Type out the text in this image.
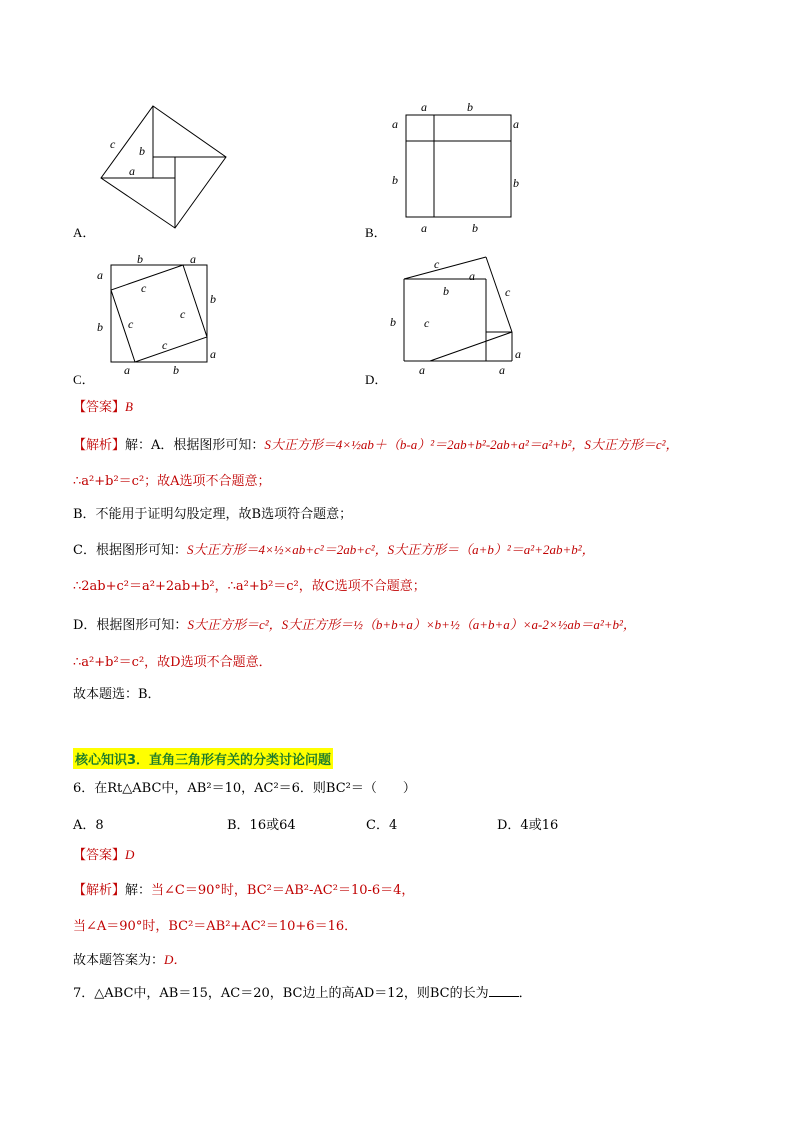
c b
a
A．
a	b
a	a
b	b
a	b
B．
b	a
a
b
b
a
a	b
c
c
c
c
C．
c
a
b	c
b c
a
a	a
D．
【答案】B
【解析】解：A．根据图形可知：S大正方形＝4×½ab＋（b-a）²＝2ab+b²-2ab+a²＝a²+b²，S大正方形＝c²，
∴a²+b²＝c²；故A选项不合题意；
B．不能用于证明勾股定理，故B选项符合题意；
C．根据图形可知：S大正方形＝4×½×ab+c²＝2ab+c²，S大正方形＝（a+b）²＝a²+2ab+b²，
∴2ab+c²＝a²+2ab+b²，∴a²+b²＝c²，故C选项不合题意；
D．根据图形可知：S大正方形＝c²，S大正方形＝½（b+b+a）×b+½（a+b+a）×a-2×½ab＝a²+b²，
∴a²+b²＝c²，故D选项不合题意．
故本题选：B．
核心知识3．直角三角形有关的分类讨论问题
6．在Rt△ABC中，AB²＝10，AC²＝6．则BC²＝（　　）
A．8	B．16或64	C．4	D．4或16
【答案】D
【解析】解：当∠C＝90°时，BC²＝AB²-AC²＝10-6＝4，
当∠A＝90°时，BC²＝AB²+AC²＝10+6＝16．
故本题答案为：D．
7．△ABC中，AB＝15，AC＝20，BC边上的高AD＝12，则BC的长为 ．
